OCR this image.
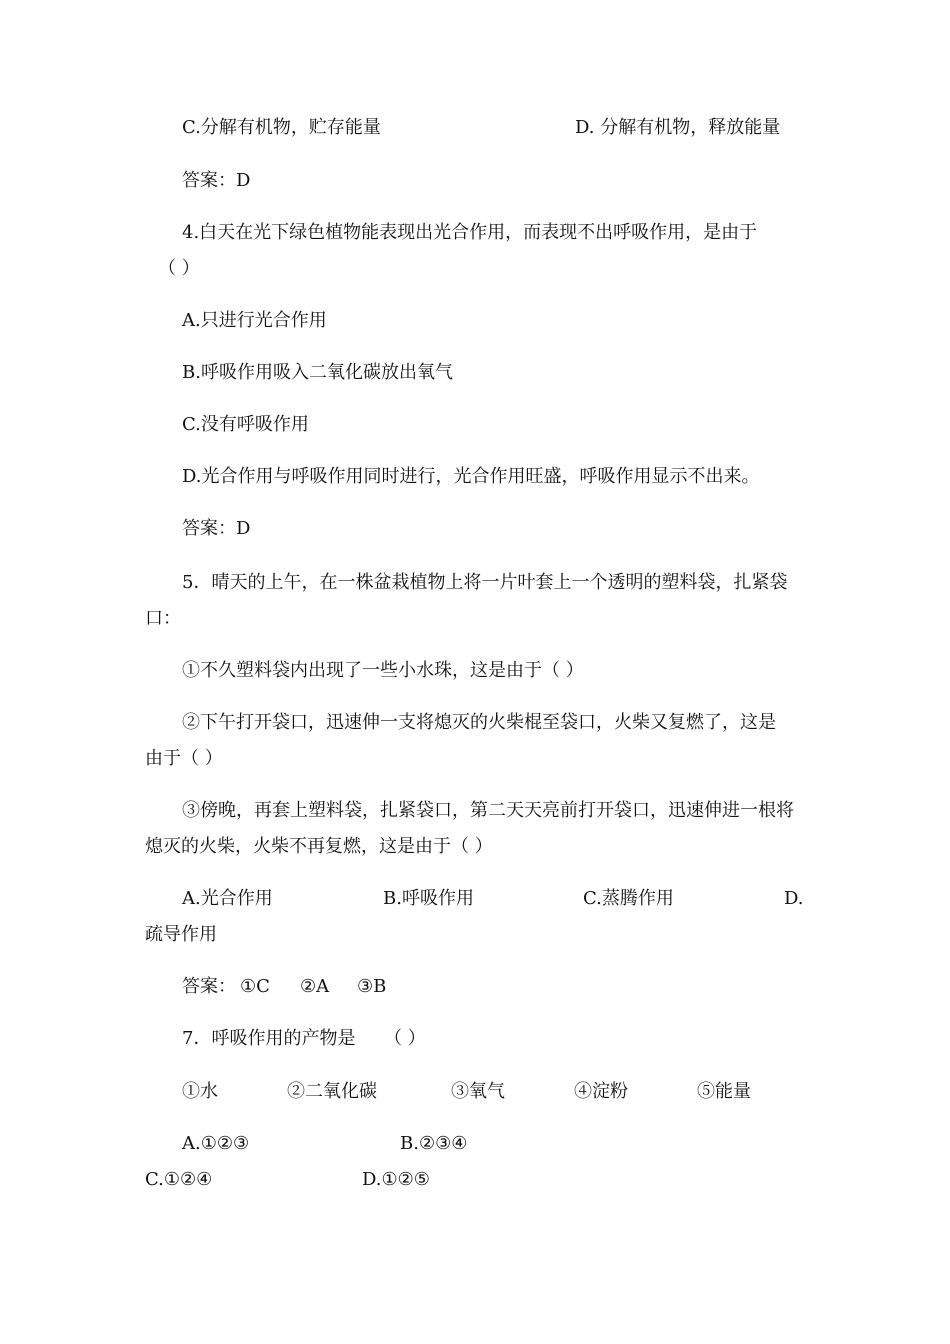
C.分解有机物，贮存能量	D. 分解有机物，释放能量
答案：D
4.白天在光下绿色植物能表现出光合作用，而表现不出呼吸作用，是由于
（ ）
A.只进行光合作用
B.呼吸作用吸入二氧化碳放出氧气
C.没有呼吸作用
D.光合作用与呼吸作用同时进行，光合作用旺盛，呼吸作用显示不出来。
答案：D
5．晴天的上午，在一株盆栽植物上将一片叶套上一个透明的塑料袋，扎紧袋
口：
①不久塑料袋内出现了一些小水珠，这是由于（ ）
②下午打开袋口，迅速伸一支将熄灭的火柴棍至袋口，火柴又复燃了，这是
由于（ ）
③傍晚，再套上塑料袋，扎紧袋口，第二天天亮前打开袋口，迅速伸进一根将
熄灭的火柴，火柴不再复燃，这是由于（ ）
A.光合作用	B.呼吸作用	C.蒸腾作用	D.
疏导作用
答案： ①C ②A ③B
7．呼吸作用的产物是 （ ）
①水	②二氧化碳	③氧气	④淀粉	⑤能量
A.①②③	B.②③④
C.①②④	D.①②⑤
